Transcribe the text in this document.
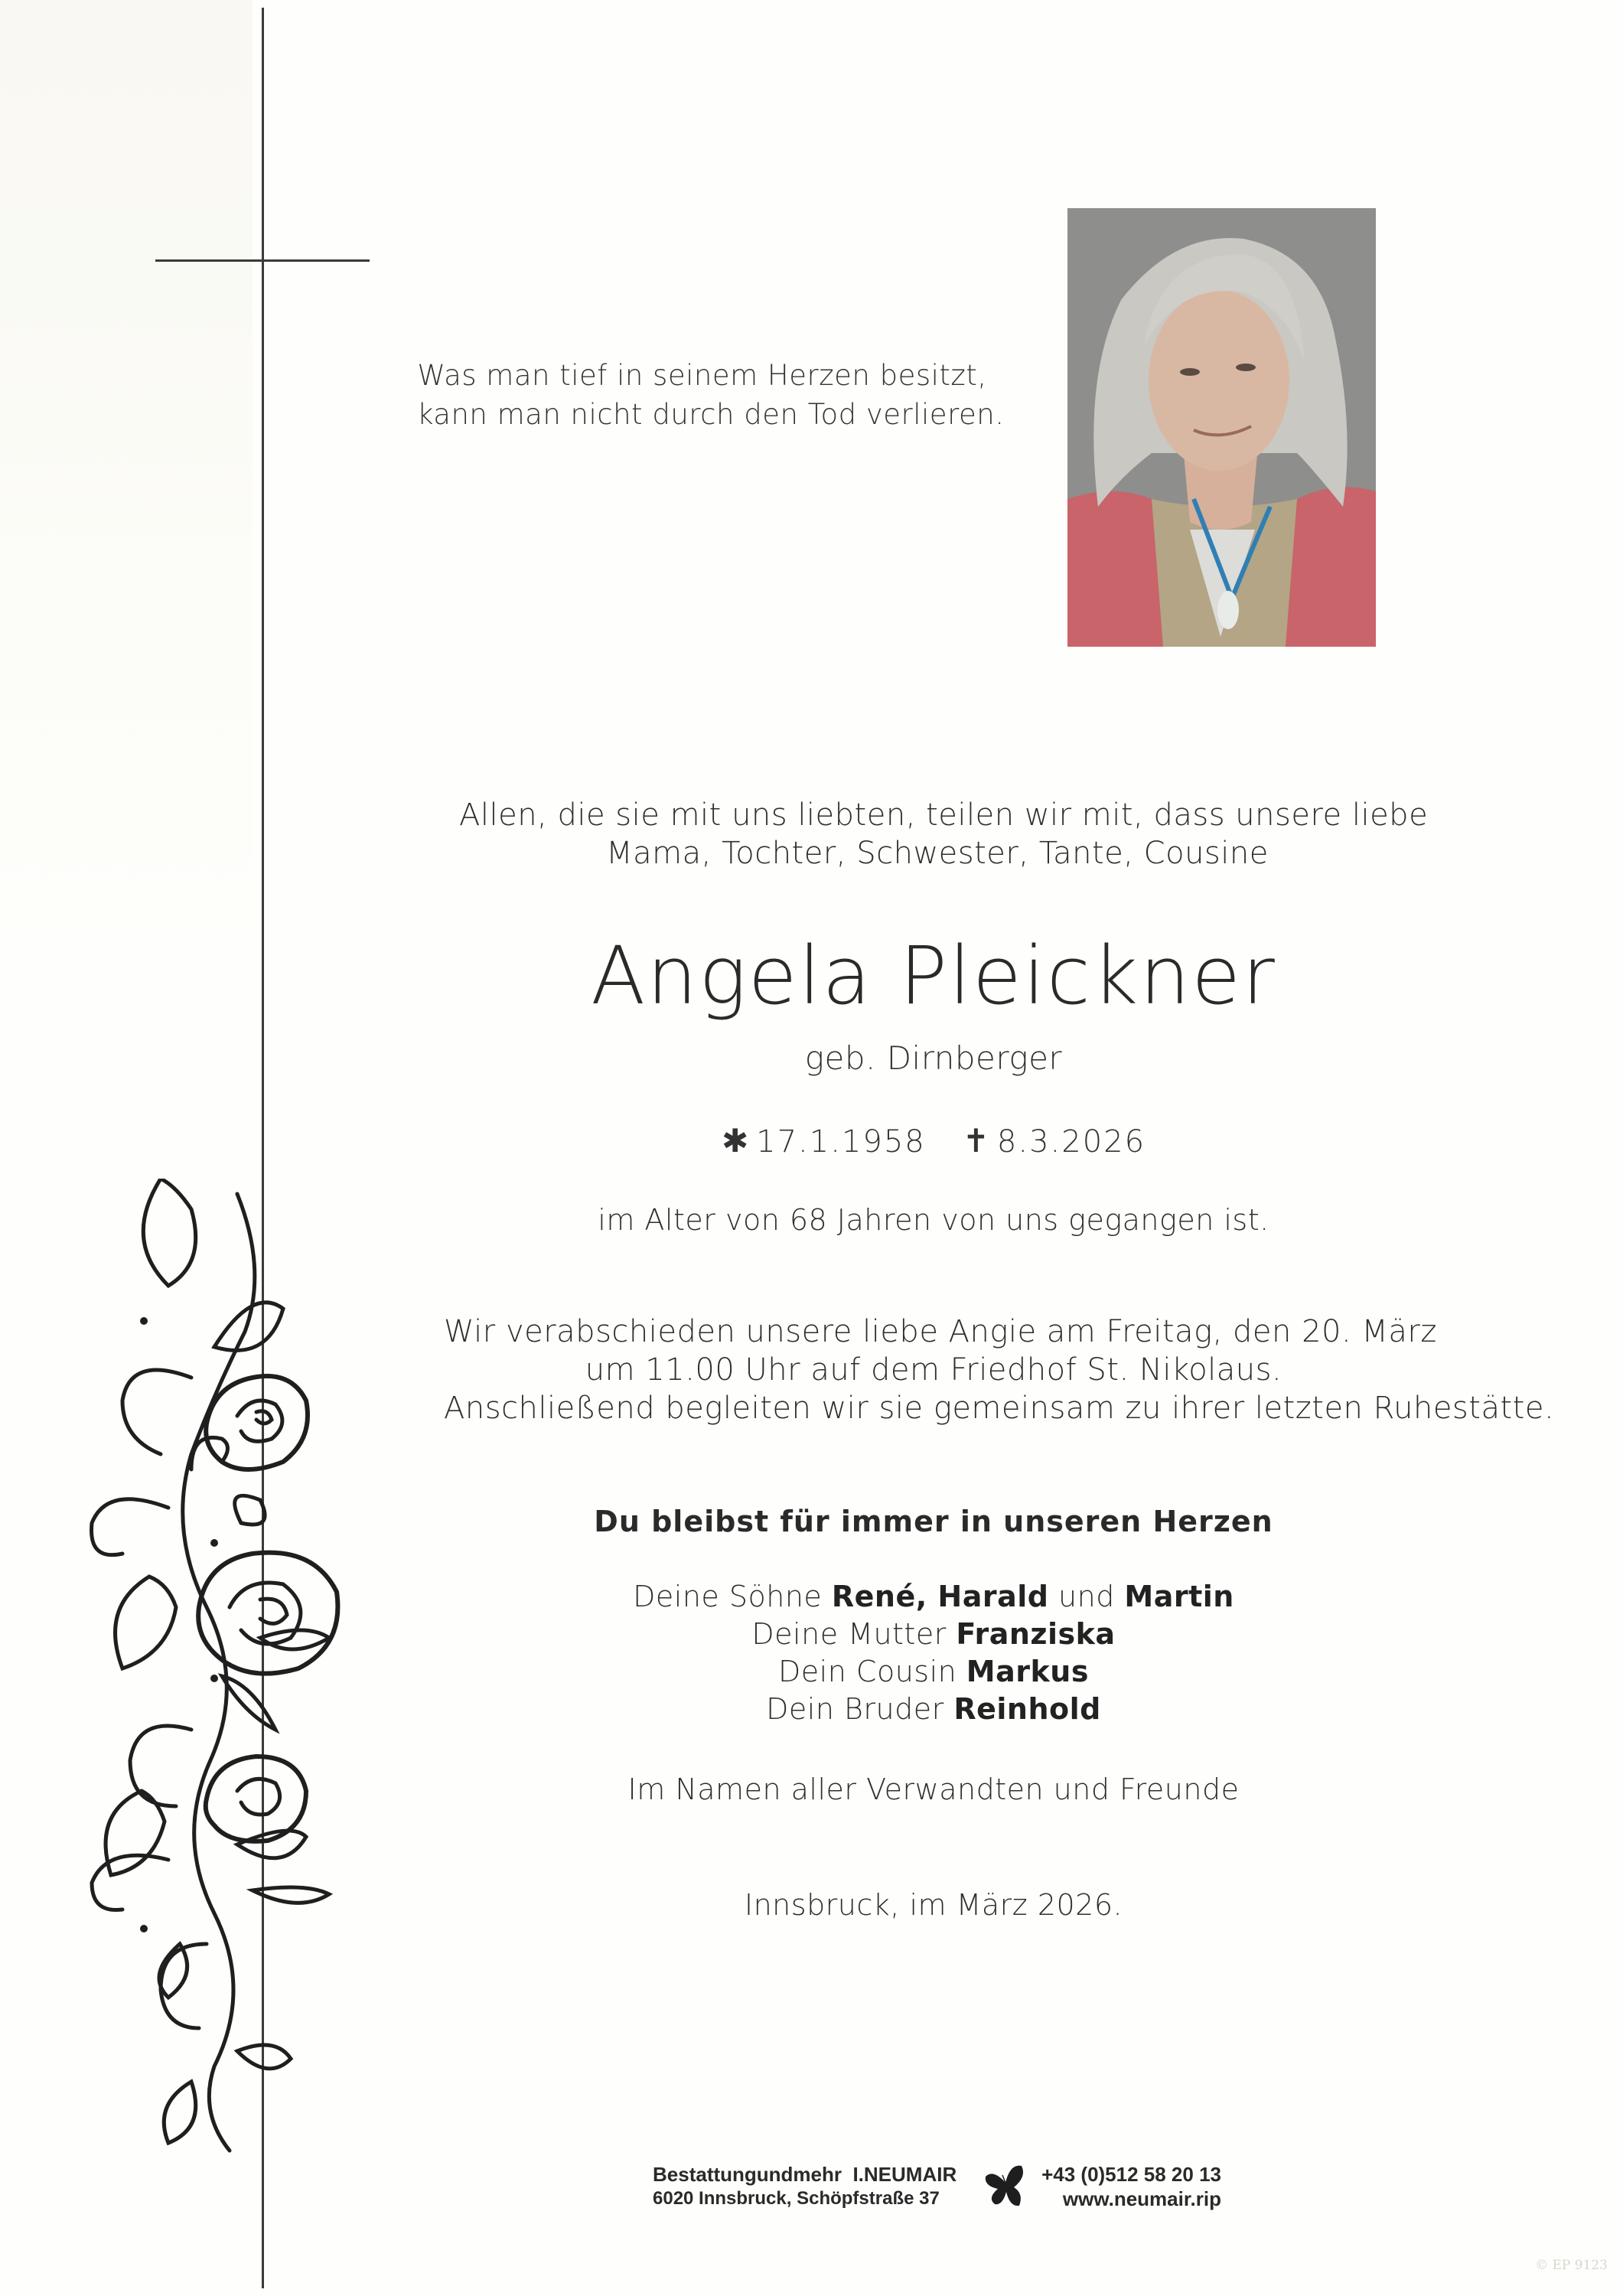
Was man tief in seinem Herzen besitzt,
kann man nicht durch den Tod verlieren.
Allen, die sie mit uns liebten, teilen wir mit, dass unsere liebe
Mama, Tochter, Schwester, Tante, Cousine
Angela Pleickner
geb. Dirnberger
✱ 17.1.1958 ✝ 8.3.2026
im Alter von 68 Jahren von uns gegangen ist.
Wir verabschieden unsere liebe Angie am Freitag, den 20. März
um 11.00 Uhr auf dem Friedhof St. Nikolaus.
Anschließend begleiten wir sie gemeinsam zu ihrer letzten Ruhestätte.
Du bleibst für immer in unseren Herzen
Deine Söhne René, Harald und Martin
Deine Mutter Franziska
Dein Cousin Markus
Dein Bruder Reinhold
Im Namen aller Verwandten und Freunde
Innsbruck, im März 2026.
Bestattungundmehr  I.NEUMAIR
6020 Innsbruck, Schöpfstraße 37
+43 (0)512 58 20 13
www.neumair.rip
© EP 9123
